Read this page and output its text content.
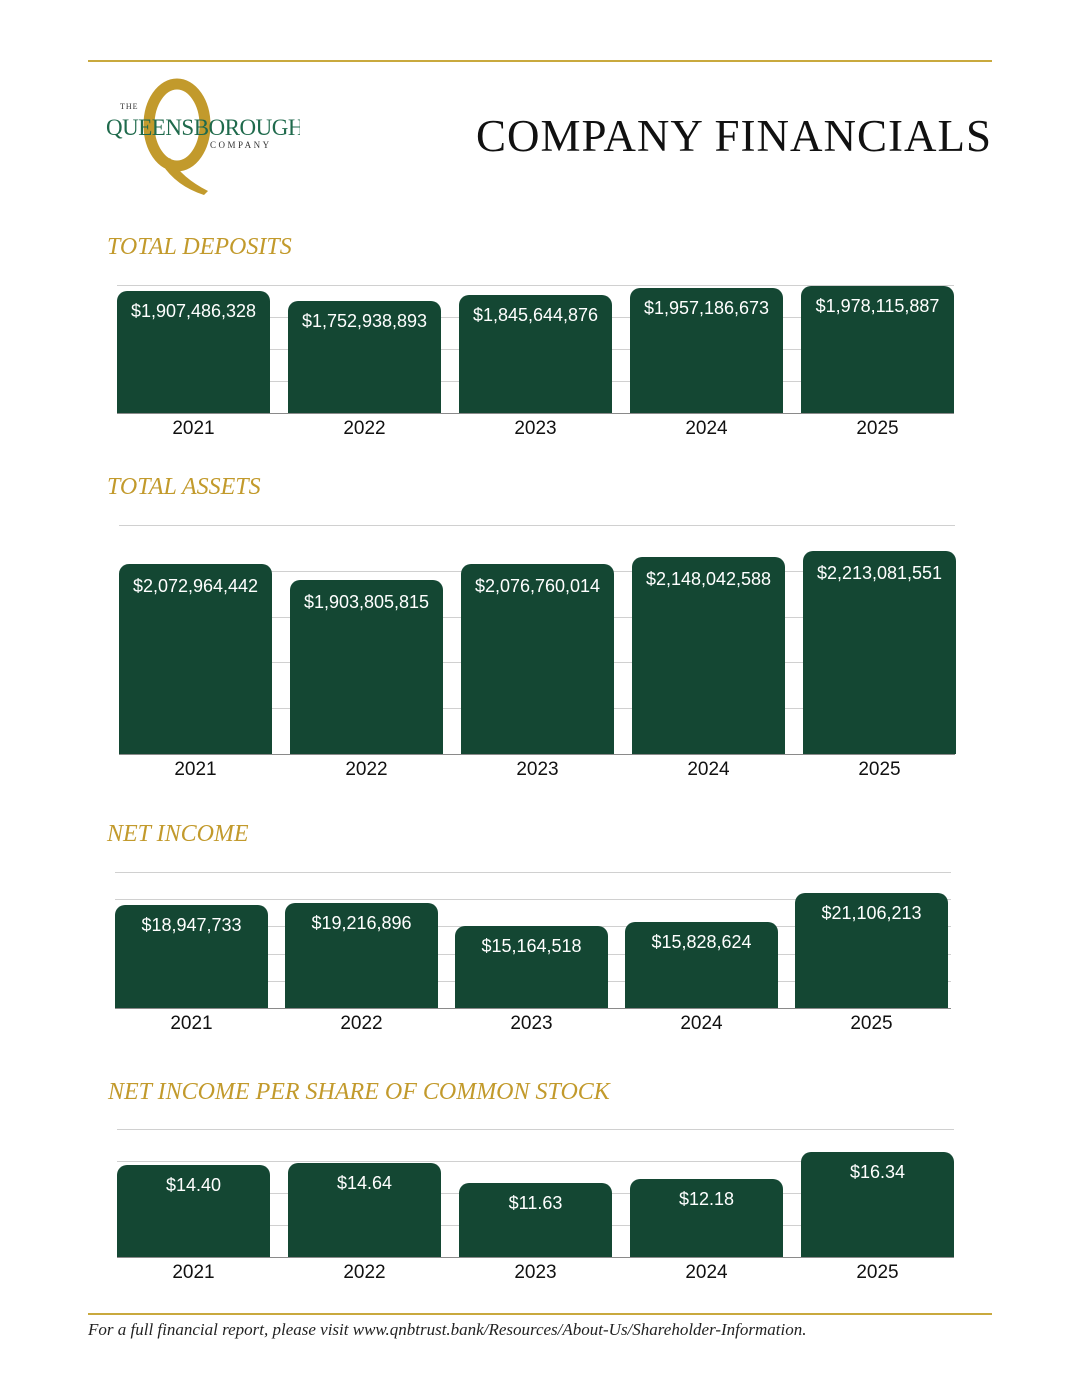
THE
QUEENSBOROUGH
COMPANY	COMPANY FINANCIALS
TOTAL DEPOSITS
$1,907,486,328
2021
$1,752,938,893
2022
$1,845,644,876
2023
$1,957,186,673
2024
$1,978,115,887
2025
TOTAL ASSETS
$2,072,964,442
2021
$1,903,805,815
2022
$2,076,760,014
2023
$2,148,042,588
2024
$2,213,081,551
2025
NET INCOME
$18,947,733
2021
$19,216,896
2022
$15,164,518
2023
$15,828,624
2024
$21,106,213
2025
NET INCOME PER SHARE OF COMMON STOCK
$14.40
2021
$14.64
2022
$11.63
2023
$12.18
2024
$16.34
2025
For a full financial report, please visit www.qnbtrust.bank/Resources/About-Us/Shareholder-Information.
